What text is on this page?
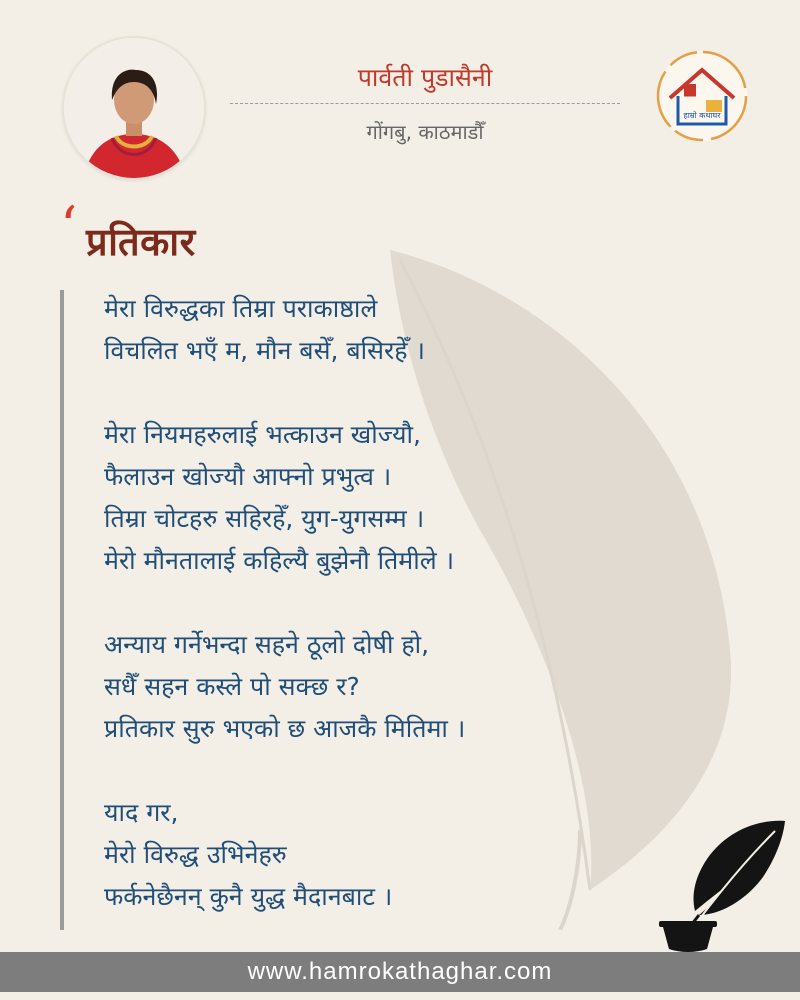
पार्वती पुडासैनी
गोंगबु, काठमाडौँ
हाम्रो कथाघर
‘ प्रतिकार
मेरा विरुद्धका तिम्रा पराकाष्ठाले
विचलित भएँ म, मौन बसेँ, बसिरहेँ ।
मेरा नियमहरुलाई भत्काउन खोज्यौ,
फैलाउन खोज्यौ आफ्नो प्रभुत्व ।
तिम्रा चोटहरु सहिरहेँ, युग-युगसम्म ।
मेरो मौनतालाई कहिल्यै बुझेनौ तिमीले ।
अन्याय गर्नेभन्दा सहने ठूलो दोषी हो,
सधैँ सहन कस्ले पो सक्छ र?
प्रतिकार सुरु भएको छ आजकै मितिमा ।
याद गर,
मेरो विरुद्ध उभिनेहरु
फर्कनेछैनन् कुनै युद्ध मैदानबाट ।
www.hamrokathaghar.com
